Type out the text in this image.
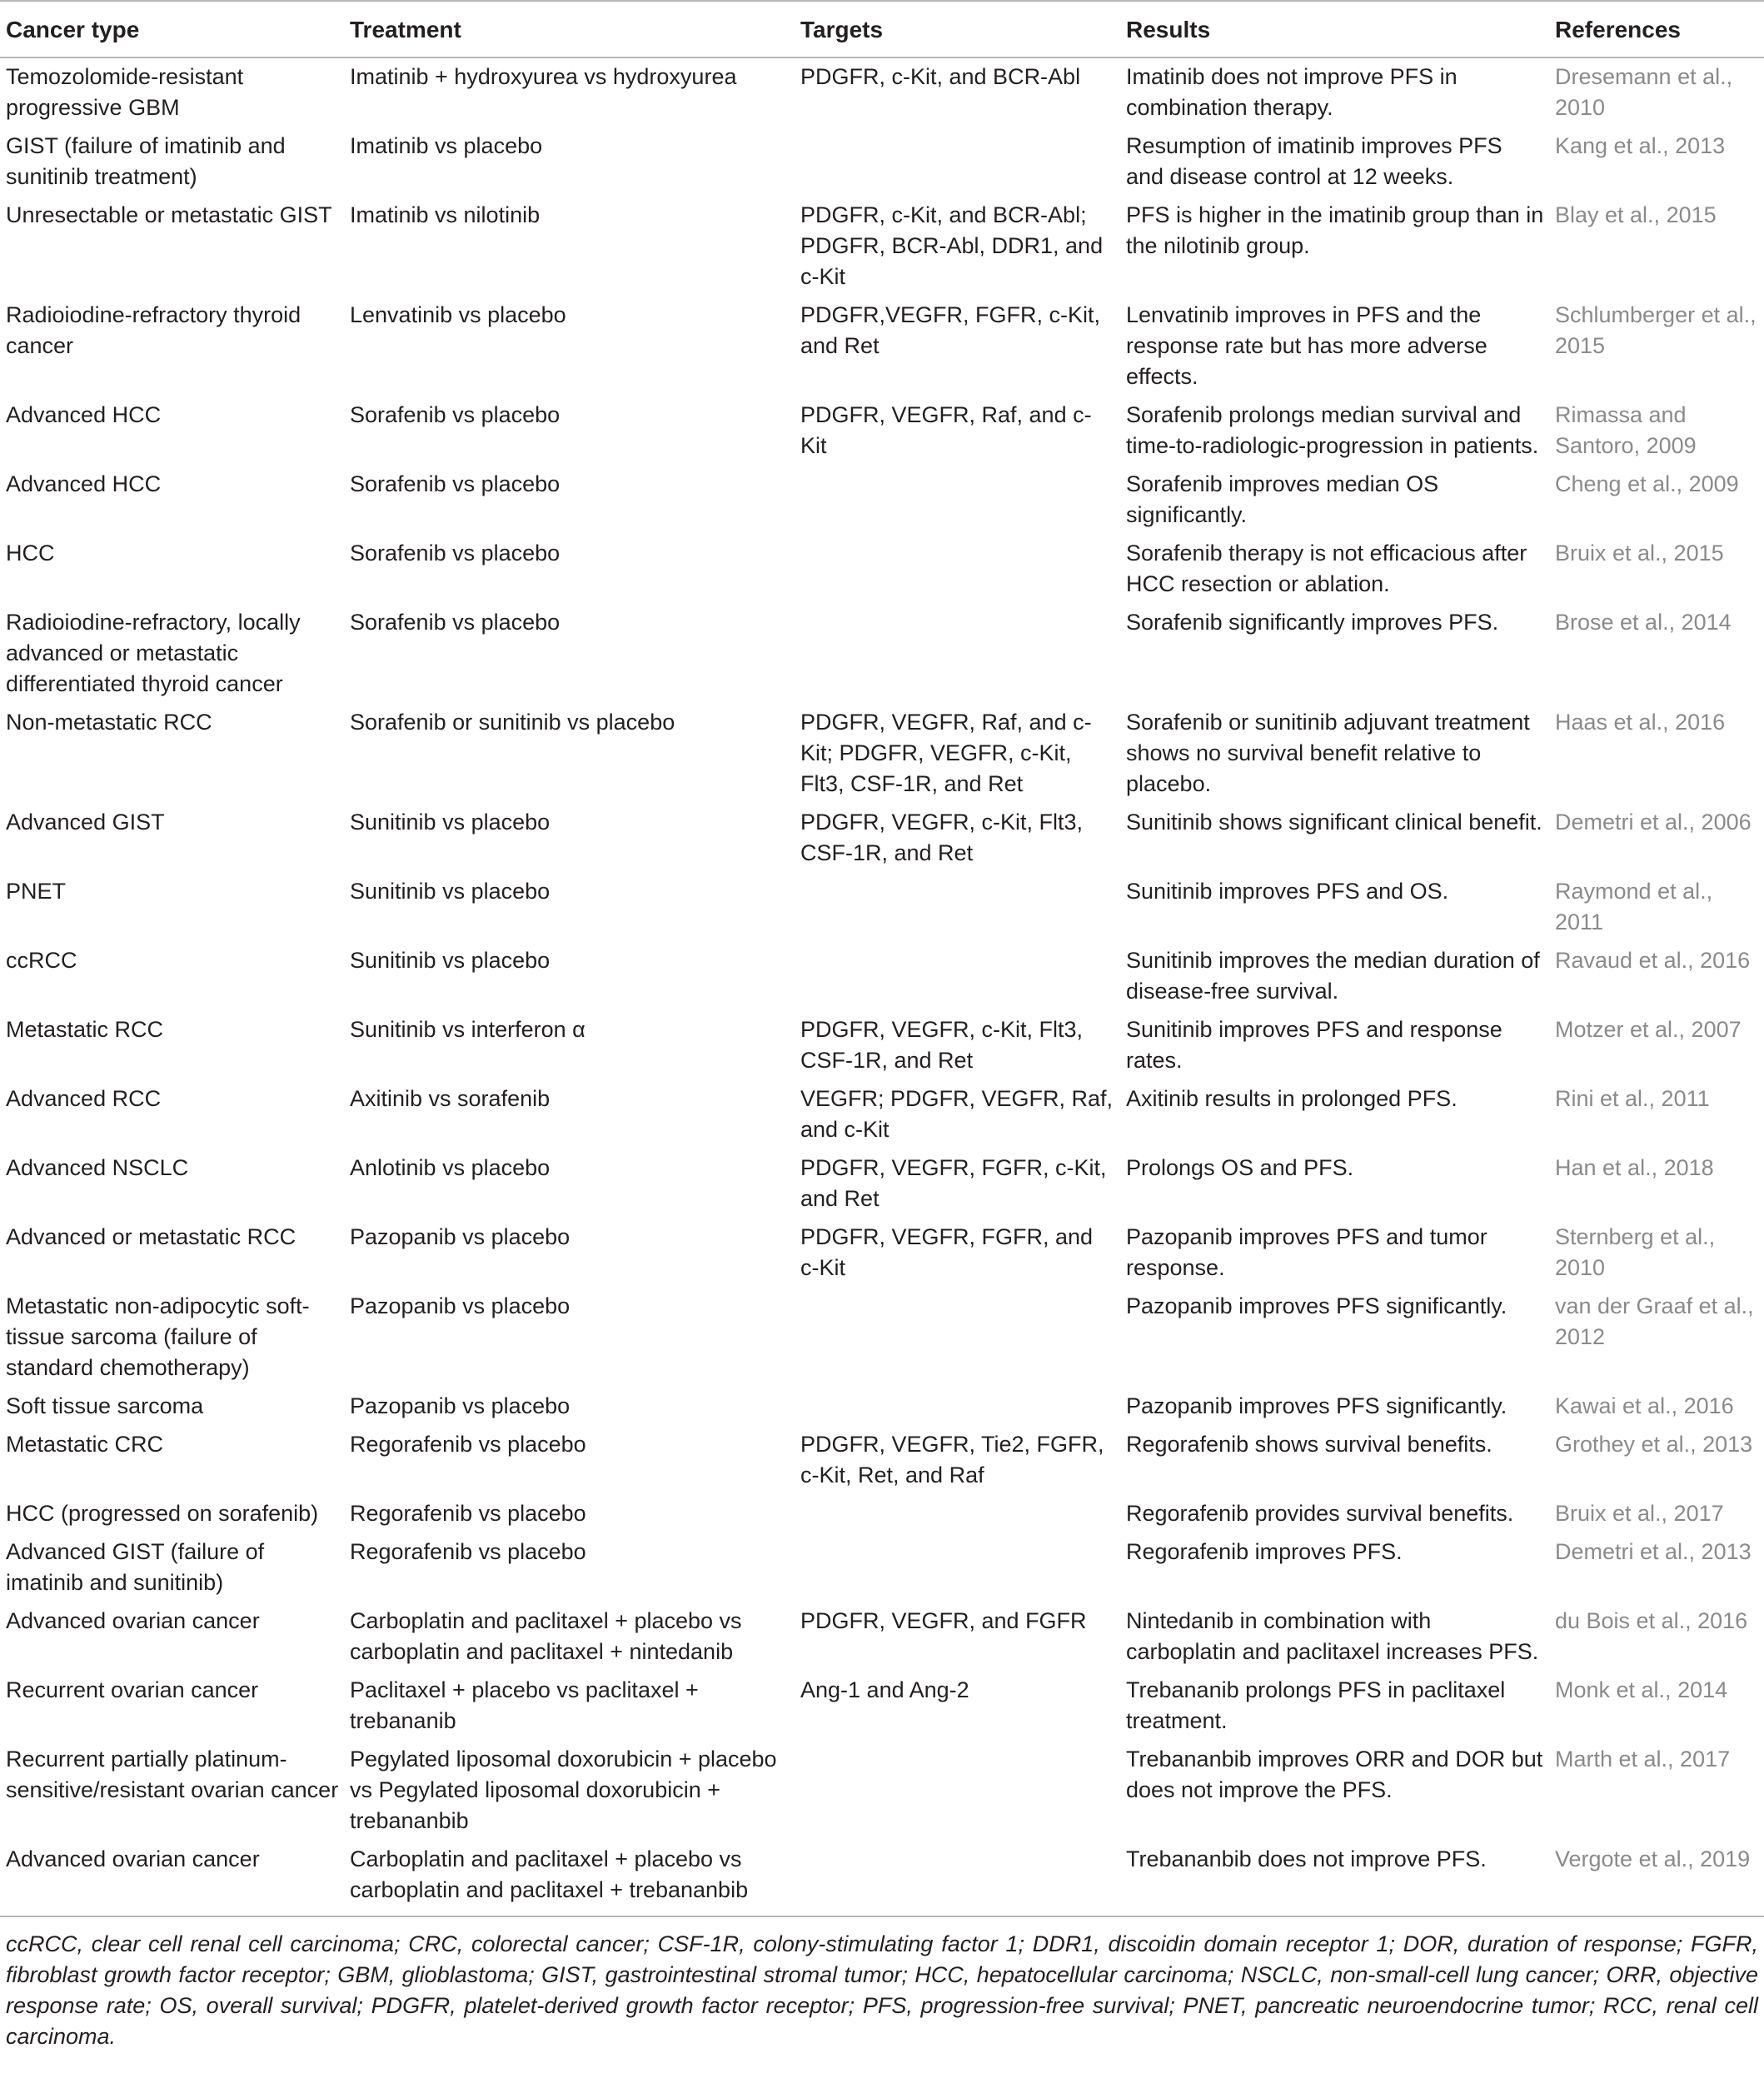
Cancer type	Treatment	Targets	Results	References
Temozolomide-resistant progressive GBM	Imatinib + hydroxyurea vs hydroxyurea	PDGFR, c-Kit, and BCR-Abl	Imatinib does not improve PFS in combination therapy.	Dresemann et al., 2010
GIST (failure of imatinib and sunitinib treatment)	Imatinib vs placebo		Resumption of imatinib improves PFS and disease control at 12 weeks.	Kang et al., 2013
Unresectable or metastatic GIST	Imatinib vs nilotinib	PDGFR, c-Kit, and BCR-Abl; PDGFR, BCR-Abl, DDR1, and c-Kit	PFS is higher in the imatinib group than in the nilotinib group.	Blay et al., 2015
Radioiodine-refractory thyroid cancer	Lenvatinib vs placebo	PDGFR,VEGFR, FGFR, c-Kit, and Ret	Lenvatinib improves in PFS and the response rate but has more adverse effects.	Schlumberger et al., 2015
Advanced HCC	Sorafenib vs placebo	PDGFR, VEGFR, Raf, and c-Kit	Sorafenib prolongs median survival and time-to-radiologic-progression in patients.	Rimassa and Santoro, 2009
Advanced HCC	Sorafenib vs placebo		Sorafenib improves median OS significantly.	Cheng et al., 2009
HCC	Sorafenib vs placebo		Sorafenib therapy is not efficacious after HCC resection or ablation.	Bruix et al., 2015
Radioiodine-refractory, locally advanced or metastatic differentiated thyroid cancer	Sorafenib vs placebo		Sorafenib significantly improves PFS.	Brose et al., 2014
Non-metastatic RCC	Sorafenib or sunitinib vs placebo	PDGFR, VEGFR, Raf, and c-Kit; PDGFR, VEGFR, c-Kit, Flt3, CSF-1R, and Ret	Sorafenib or sunitinib adjuvant treatment shows no survival benefit relative to placebo.	Haas et al., 2016
Advanced GIST	Sunitinib vs placebo	PDGFR, VEGFR, c-Kit, Flt3, CSF-1R, and Ret	Sunitinib shows significant clinical benefit.	Demetri et al., 2006
PNET	Sunitinib vs placebo		Sunitinib improves PFS and OS.	Raymond et al., 2011
ccRCC	Sunitinib vs placebo		Sunitinib improves the median duration of disease-free survival.	Ravaud et al., 2016
Metastatic RCC	Sunitinib vs interferon α	PDGFR, VEGFR, c-Kit, Flt3, CSF-1R, and Ret	Sunitinib improves PFS and response rates.	Motzer et al., 2007
Advanced RCC	Axitinib vs sorafenib	VEGFR; PDGFR, VEGFR, Raf, and c-Kit	Axitinib results in prolonged PFS.	Rini et al., 2011
Advanced NSCLC	Anlotinib vs placebo	PDGFR, VEGFR, FGFR, c-Kit, and Ret	Prolongs OS and PFS.	Han et al., 2018
Advanced or metastatic RCC	Pazopanib vs placebo	PDGFR, VEGFR, FGFR, and c-Kit	Pazopanib improves PFS and tumor response.	Sternberg et al., 2010
Metastatic non-adipocytic soft-tissue sarcoma (failure of standard chemotherapy)	Pazopanib vs placebo		Pazopanib improves PFS significantly.	van der Graaf et al., 2012
Soft tissue sarcoma	Pazopanib vs placebo		Pazopanib improves PFS significantly.	Kawai et al., 2016
Metastatic CRC	Regorafenib vs placebo	PDGFR, VEGFR, Tie2, FGFR, c-Kit, Ret, and Raf	Regorafenib shows survival benefits.	Grothey et al., 2013
HCC (progressed on sorafenib)	Regorafenib vs placebo		Regorafenib provides survival benefits.	Bruix et al., 2017
Advanced GIST (failure of imatinib and sunitinib)	Regorafenib vs placebo		Regorafenib improves PFS.	Demetri et al., 2013
Advanced ovarian cancer	Carboplatin and paclitaxel + placebo vs carboplatin and paclitaxel + nintedanib	PDGFR, VEGFR, and FGFR	Nintedanib in combination with carboplatin and paclitaxel increases PFS.	du Bois et al., 2016
Recurrent ovarian cancer	Paclitaxel + placebo vs paclitaxel + trebananib	Ang-1 and Ang-2	Trebananib prolongs PFS in paclitaxel treatment.	Monk et al., 2014
Recurrent partially platinum-sensitive/resistant ovarian cancer	Pegylated liposomal doxorubicin + placebo vs Pegylated liposomal doxorubicin + trebananbib		Trebananbib improves ORR and DOR but does not improve the PFS.	Marth et al., 2017
Advanced ovarian cancer	Carboplatin and paclitaxel + placebo vs carboplatin and paclitaxel + trebananbib		Trebananbib does not improve PFS.	Vergote et al., 2019
ccRCC, clear cell renal cell carcinoma; CRC, colorectal cancer; CSF-1R, colony-stimulating factor 1; DDR1, discoidin domain receptor 1; DOR, duration of response; FGFR, fibroblast growth factor receptor; GBM, glioblastoma; GIST, gastrointestinal stromal tumor; HCC, hepatocellular carcinoma; NSCLC, non-small-cell lung cancer; ORR, objective response rate; OS, overall survival; PDGFR, platelet-derived growth factor receptor; PFS, progression-free survival; PNET, pancreatic neuroendocrine tumor; RCC, renal cell carcinoma.
